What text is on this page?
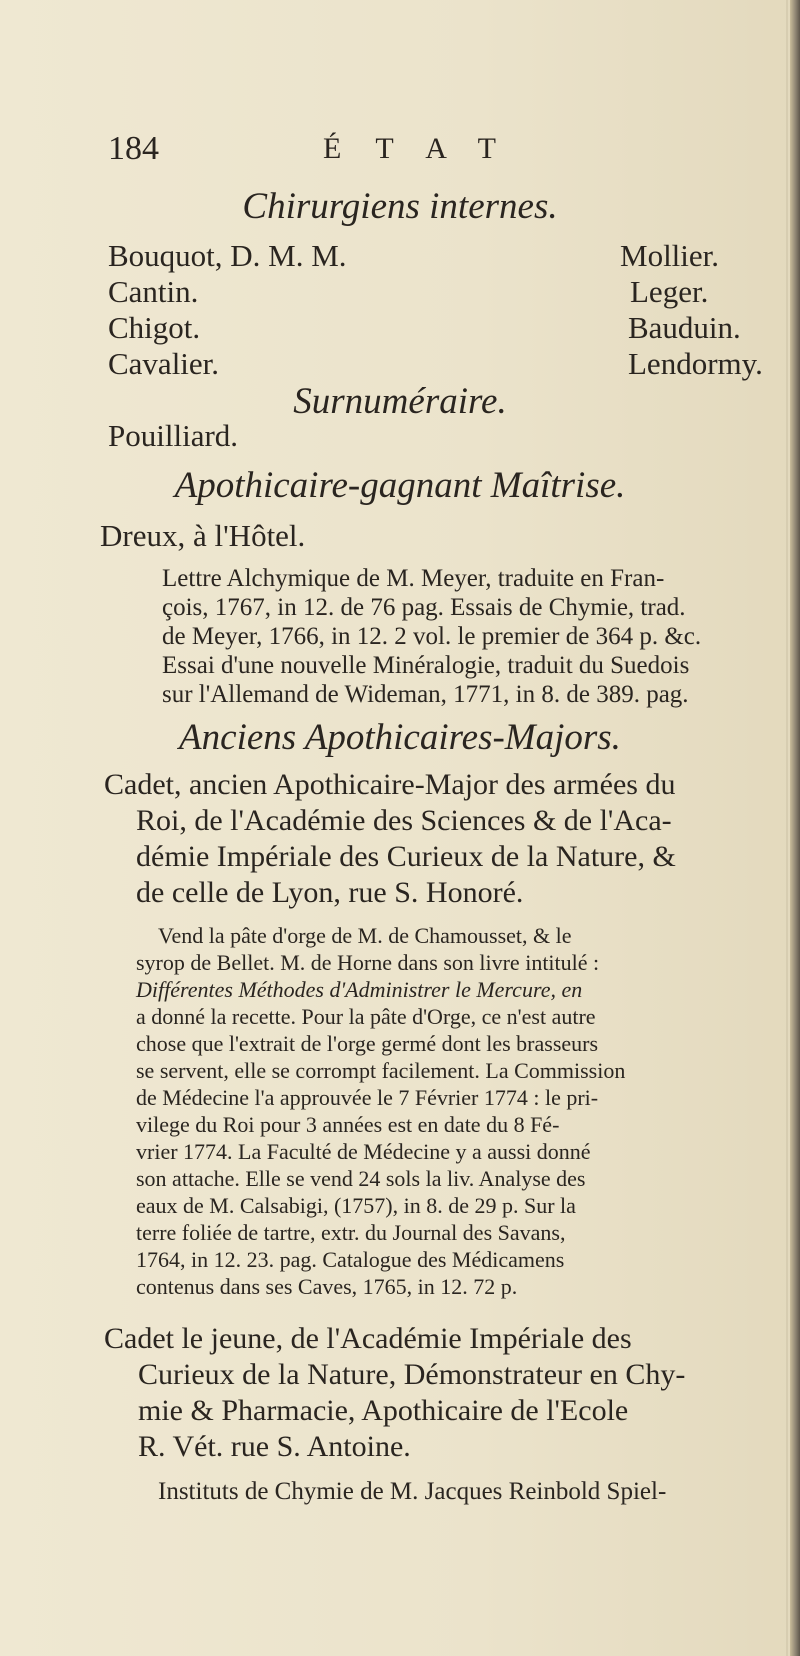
184	ÉTAT
Chirurgiens internes.
Bouquot, D. M. M.
Cantin.
Chigot.
Cavalier.
Mollier.
Leger.
Bauduin.
Lendormy.
Surnuméraire.
Pouilliard.
Apothicaire-gagnant Maîtrise.
Dreux, à l'Hôtel.
Lettre Alchymique de M. Meyer, traduite en Fran-
çois, 1767, in 12. de 76 pag. Essais de Chymie, trad.
de Meyer, 1766, in 12. 2 vol. le premier de 364 p. &c.
Essai d'une nouvelle Minéralogie, traduit du Suedois
sur l'Allemand de Wideman, 1771, in 8. de 389. pag.
Anciens Apothicaires-Majors.
Cadet, ancien Apothicaire-Major des armées du
Roi, de l'Académie des Sciences & de l'Aca-
démie Impériale des Curieux de la Nature, &
de celle de Lyon, rue S. Honoré.
Vend la pâte d'orge de M. de Chamousset, & le
syrop de Bellet. M. de Horne dans son livre intitulé :
Différentes Méthodes d'Administrer le Mercure, en
a donné la recette. Pour la pâte d'Orge, ce n'est autre
chose que l'extrait de l'orge germé dont les brasseurs
se servent, elle se corrompt facilement. La Commission
de Médecine l'a approuvée le 7 Février 1774 : le pri-
vilege du Roi pour 3 années est en date du 8 Fé-
vrier 1774. La Faculté de Médecine y a aussi donné
son attache. Elle se vend 24 sols la liv. Analyse des
eaux de M. Calsabigi, (1757), in 8. de 29 p. Sur la
terre foliée de tartre, extr. du Journal des Savans,
1764, in 12. 23. pag. Catalogue des Médicamens
contenus dans ses Caves, 1765, in 12. 72 p.
Cadet le jeune, de l'Académie Impériale des
Curieux de la Nature, Démonstrateur en Chy-
mie & Pharmacie, Apothicaire de l'Ecole
R. Vét. rue S. Antoine.
Instituts de Chymie de M. Jacques Reinbold Spiel-
